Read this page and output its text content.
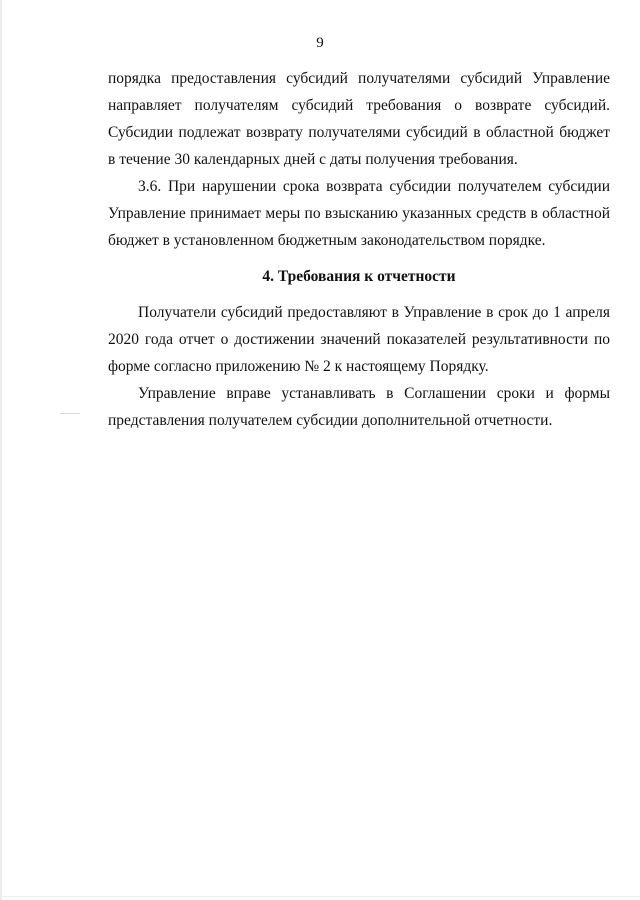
9

порядка предоставления субсидий получателями субсидий Управление направляет получателям субсидий требования о возврате субсидий. Субсидии подлежат возврату получателями субсидий в областной бюджет в течение 30 календарных дней с даты получения требования.

3.6. При нарушении срока возврата субсидии получателем субсидии Управление принимает меры по взысканию указанных средств в областной бюджет в установленном бюджетным законодательством порядке.

4. Требования к отчетности

Получатели субсидий предоставляют в Управление в срок до 1 апреля 2020 года отчет о достижении значений показателей результативности по форме согласно приложению № 2 к настоящему Порядку.

Управление вправе устанавливать в Соглашении сроки и формы представления получателем субсидии дополнительной отчетности.
